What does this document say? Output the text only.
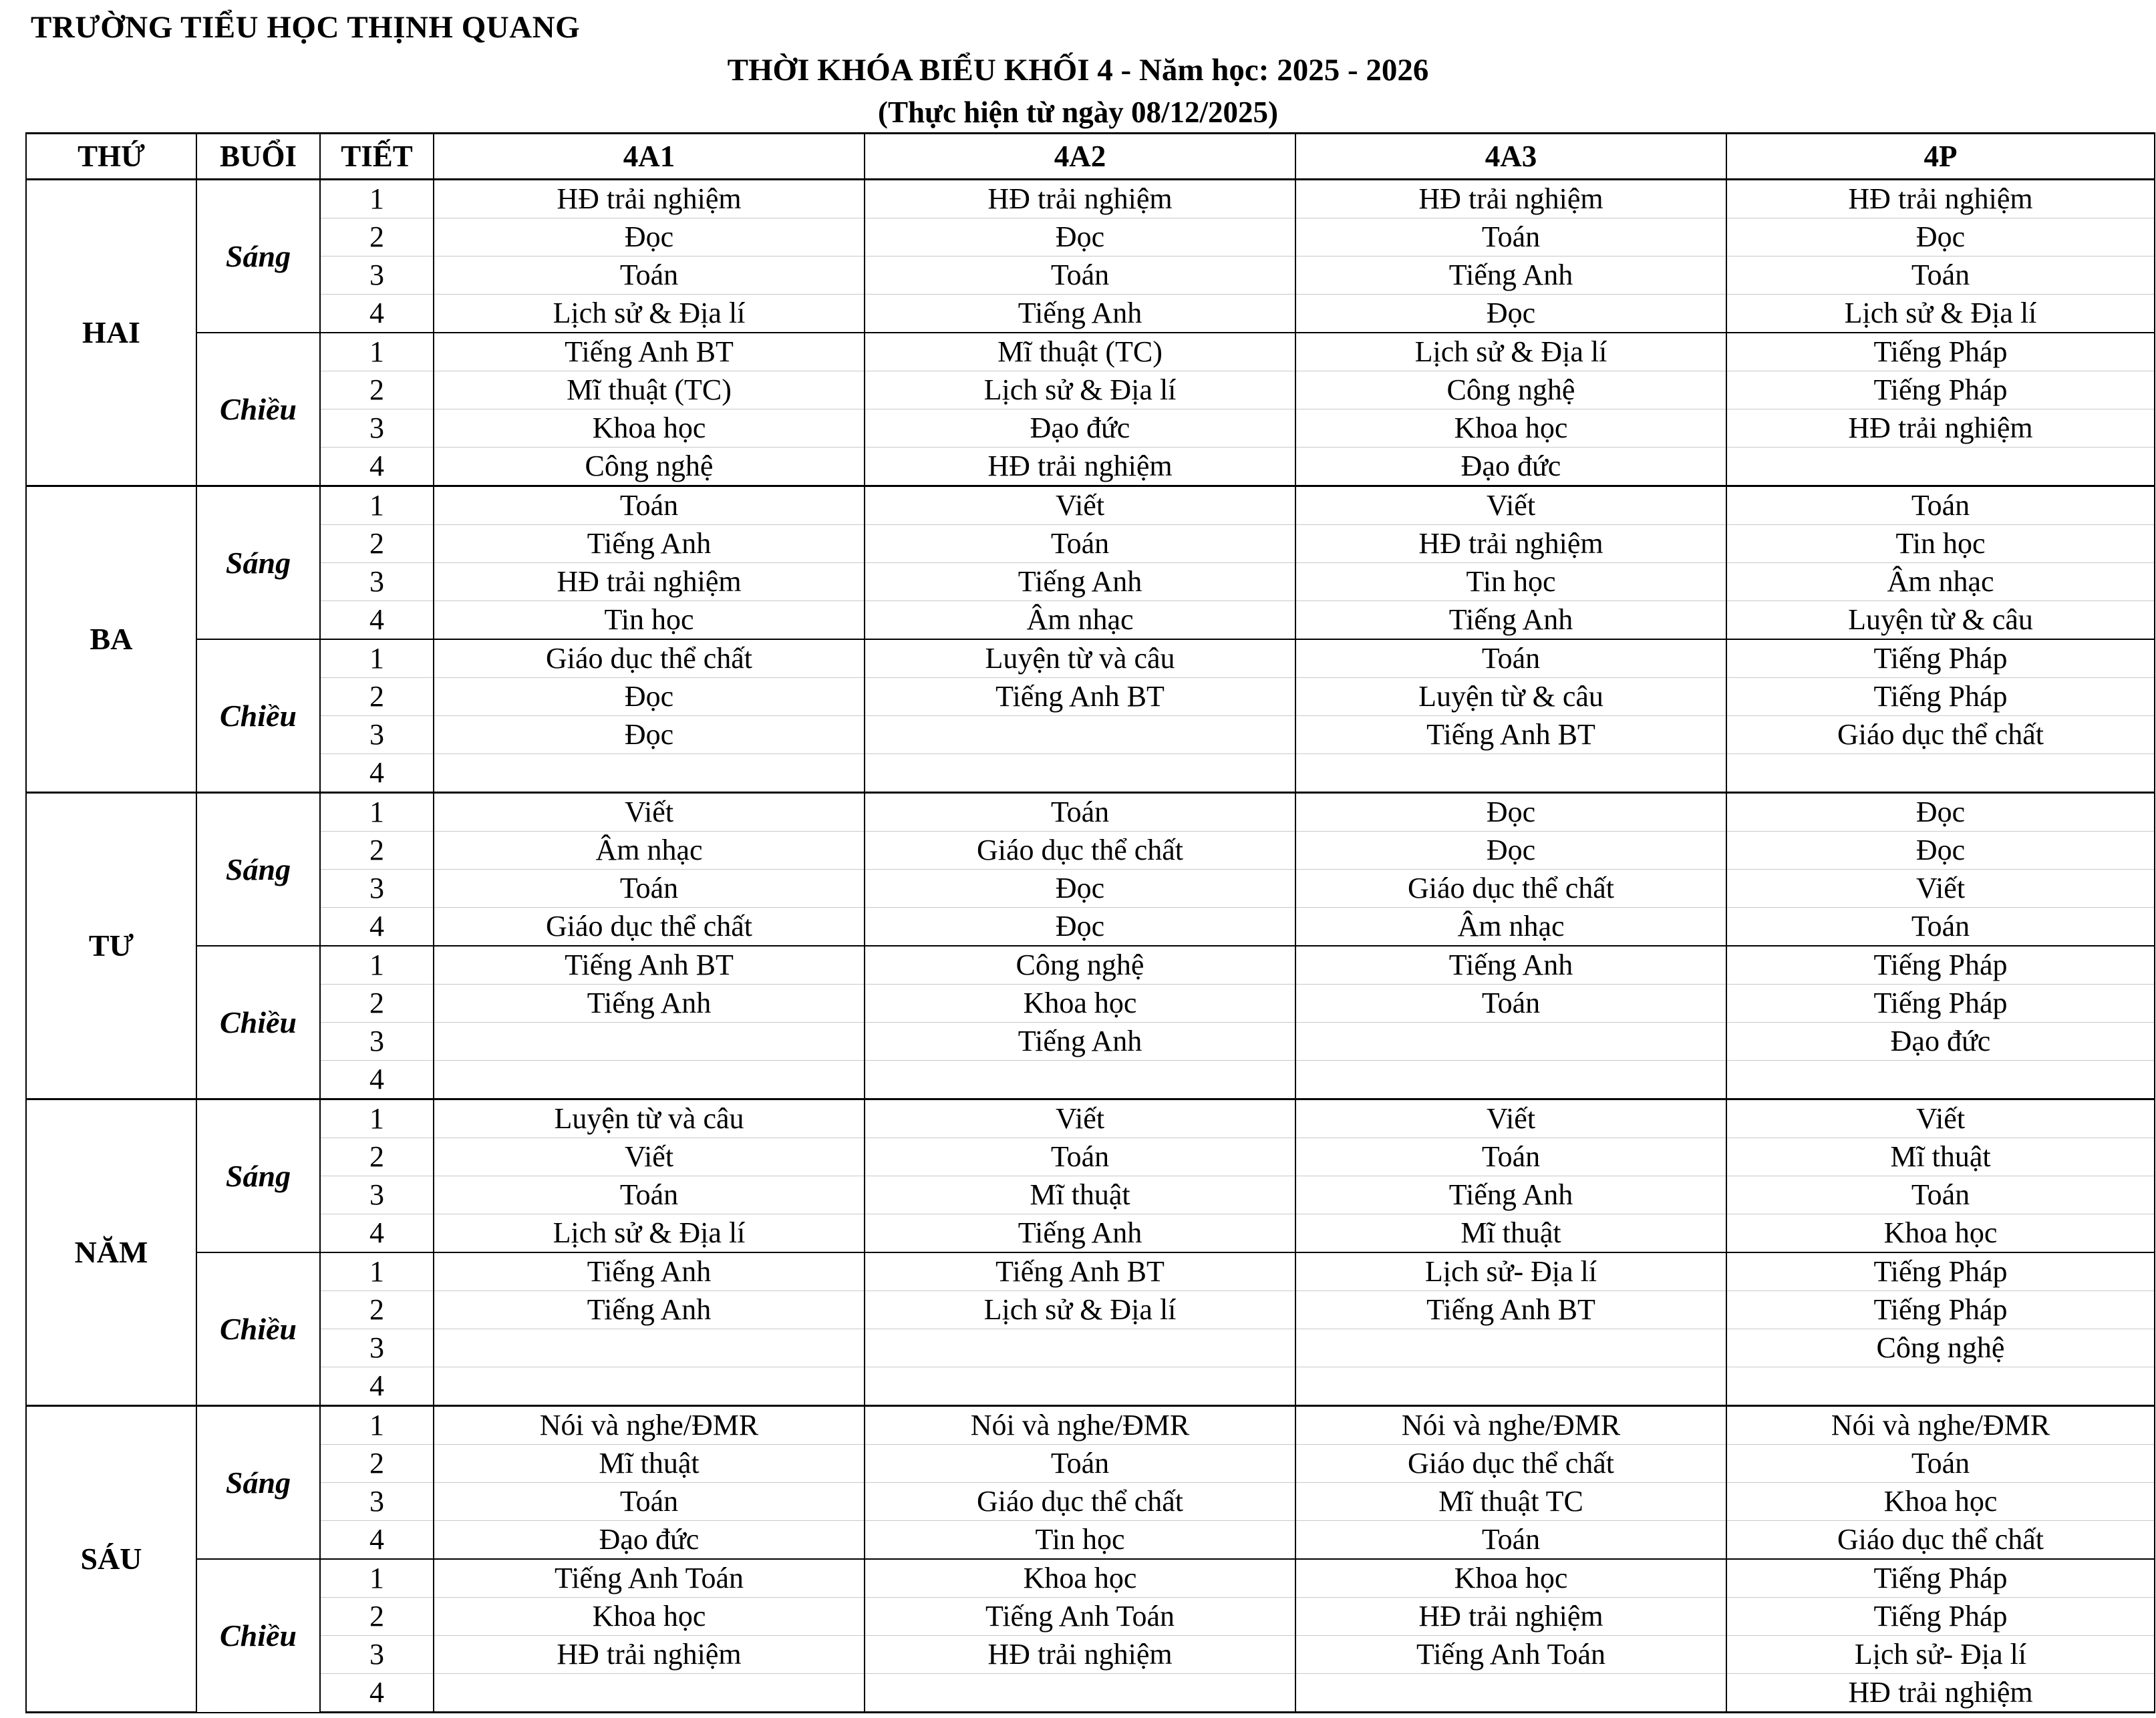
TRƯỜNG TIỂU HỌC THỊNH QUANG
THỜI KHÓA BIỂU KHỐI 4 - Năm học: 2025 - 2026
(Thực hiện từ ngày 08/12/2025)
THỨ	BUỔI	TIẾT	4A1	4A2	4A3	4P
HAI	Sáng	1	HĐ trải nghiệm	HĐ trải nghiệm	HĐ trải nghiệm	HĐ trải nghiệm
		2	Đọc	Đọc	Toán	Đọc
		3	Toán	Toán	Tiếng Anh	Toán
		4	Lịch sử & Địa lí	Tiếng Anh	Đọc	Lịch sử & Địa lí
	Chiều	1	Tiếng Anh BT	Mĩ thuật (TC)	Lịch sử & Địa lí	Tiếng Pháp
		2	Mĩ thuật (TC)	Lịch sử & Địa lí	Công nghệ	Tiếng Pháp
		3	Khoa học	Đạo đức	Khoa học	HĐ trải nghiệm
		4	Công nghệ	HĐ trải nghiệm	Đạo đức	
BA	Sáng	1	Toán	Viết	Viết	Toán
		2	Tiếng Anh	Toán	HĐ trải nghiệm	Tin học
		3	HĐ trải nghiệm	Tiếng Anh	Tin học	Âm nhạc
		4	Tin học	Âm nhạc	Tiếng Anh	Luyện từ & câu
	Chiều	1	Giáo dục thể chất	Luyện từ và câu	Toán	Tiếng Pháp
		2	Đọc	Tiếng Anh BT	Luyện từ & câu	Tiếng Pháp
		3	Đọc		Tiếng Anh BT	Giáo dục thể chất
		4				
TƯ	Sáng	1	Viết	Toán	Đọc	Đọc
		2	Âm nhạc	Giáo dục thể chất	Đọc	Đọc
		3	Toán	Đọc	Giáo dục thể chất	Viết
		4	Giáo dục thể chất	Đọc	Âm nhạc	Toán
	Chiều	1	Tiếng Anh BT	Công nghệ	Tiếng Anh	Tiếng Pháp
		2	Tiếng Anh	Khoa học	Toán	Tiếng Pháp
		3		Tiếng Anh		Đạo đức
		4				
NĂM	Sáng	1	Luyện từ và câu	Viết	Viết	Viết
		2	Viết	Toán	Toán	Mĩ thuật
		3	Toán	Mĩ thuật	Tiếng Anh	Toán
		4	Lịch sử & Địa lí	Tiếng Anh	Mĩ thuật	Khoa học
	Chiều	1	Tiếng Anh	Tiếng Anh BT	Lịch sử- Địa lí	Tiếng Pháp
		2	Tiếng Anh	Lịch sử & Địa lí	Tiếng Anh BT	Tiếng Pháp
		3				Công nghệ
		4				
SÁU	Sáng	1	Nói và nghe/ĐMR	Nói và nghe/ĐMR	Nói và nghe/ĐMR	Nói và nghe/ĐMR
		2	Mĩ thuật	Toán	Giáo dục thể chất	Toán
		3	Toán	Giáo dục thể chất	Mĩ thuật TC	Khoa học
		4	Đạo đức	Tin học	Toán	Giáo dục thể chất
	Chiều	1	Tiếng Anh Toán	Khoa học	Khoa học	Tiếng Pháp
		2	Khoa học	Tiếng Anh Toán	HĐ trải nghiệm	Tiếng Pháp
		3	HĐ trải nghiệm	HĐ trải nghiệm	Tiếng Anh Toán	Lịch sử- Địa lí
		4				HĐ trải nghiệm
